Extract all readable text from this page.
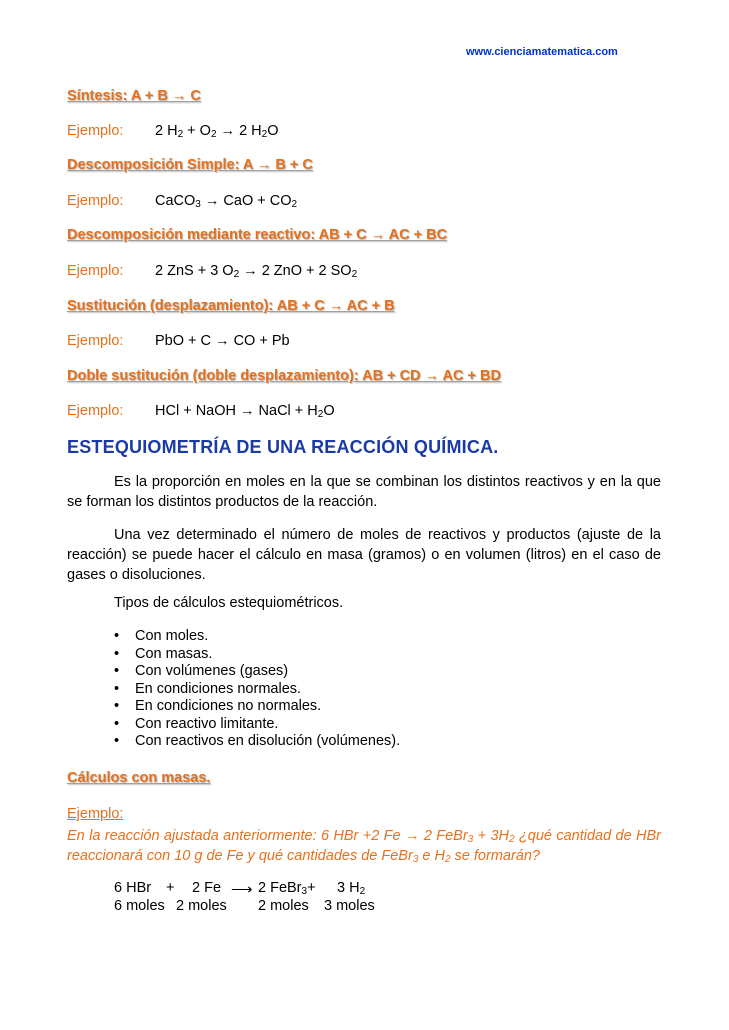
www.cienciamatematica.com
Síntesis: A + B → C
Ejemplo: 2 $H_2 + O_2 \to 2$ $H_2O$
Descomposición Simple: A → B + C
Ejemplo: CaCO$_3$ → CaO + $CO_2$
Descomposición mediante reactivo: AB + C → AC + BC
Ejemplo: 2 ZnS + 3 $O_2 \to 2$ ZnO + 2 $SO_2$
Sustitución (desplazamiento): AB + C → AC + B
Ejemplo: PbO + C → CO + Pb
Doble sustitución (doble desplazamiento): AB + CD → AC + BD
Ejemplo: HCl + NaOH → NaCl + $H_2O$
ESTEQUIOMETRÍA DE UNA REACCIÓN QUÍMICA.
Es la proporción en moles en la que se combinan los distintos reactivos y en la que se forman los distintos productos de la reacción.
Una vez determinado el número de moles de reactivos y productos (ajuste de la reacción) se puede hacer el cálculo en masa (gramos) o en volumen (litros) en el caso de gases o disoluciones.
Tipos de cálculos estequiométricos.
• Con moles.
• Con masas.
• Con volúmenes (gases)
• En condiciones normales.
• En condiciones no normales.
• Con reactivo limitante.
• Con reactivos en disolución (volúmenes).
Cálculos con masas.
Ejemplo:
En la reacción ajustada anteriormente: 6 HBr +2 Fe → 2 FeBr$_3$ + $3H_2$ ¿qué cantidad de HBr reaccionará con 10 g de Fe y qué cantidades de FeBr$_3$ e $H_2$ se formarán?
6 HBr + 2 Fe ⟶ 2 FeBr$_3$+ 3 $H_2$
6 moles 2 moles 2 moles 3 moles
